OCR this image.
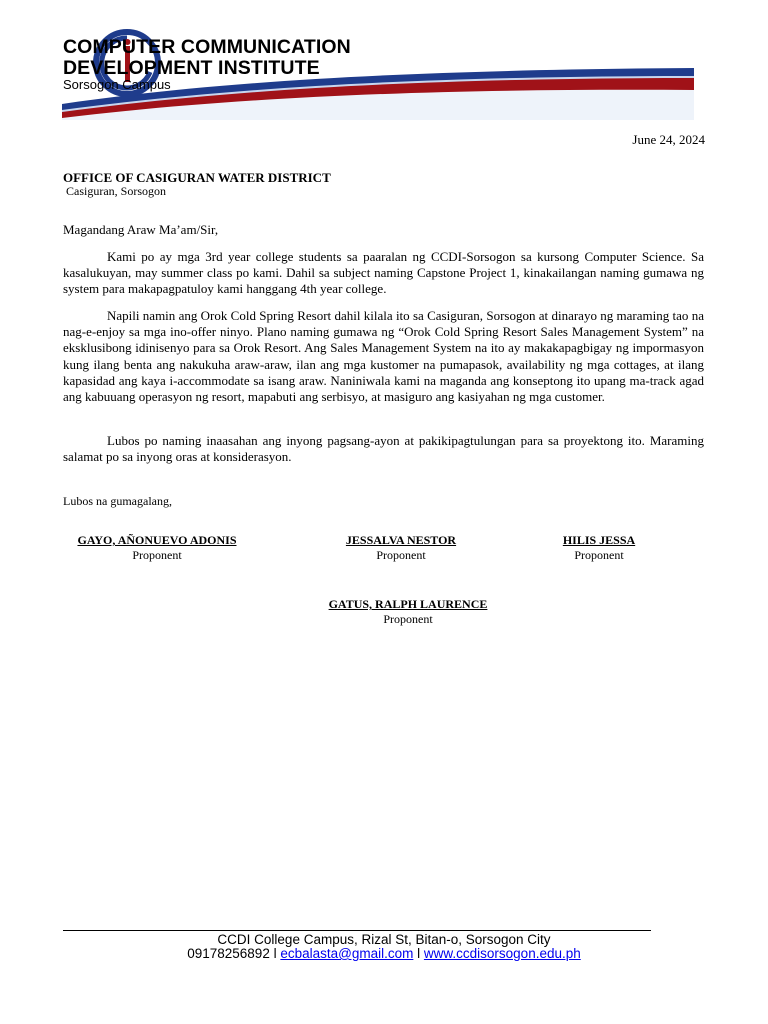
COMPUTER COMMUNICATION
DEVELOPMENT INSTITUTE
Sorsogon Campus
June 24, 2024
OFFICE OF CASIGURAN WATER DISTRICT
Casiguran, Sorsogon
Magandang Araw Ma’am/Sir,

Kami po ay mga 3rd year college students sa paaralan ng CCDI-Sorsogon sa kursong Computer Science. Sa kasalukuyan, may summer class po kami. Dahil sa subject naming Capstone Project 1, kinakailangan naming gumawa ng system para makapagpatuloy kami hanggang 4th year college.

Napili namin ang Orok Cold Spring Resort dahil kilala ito sa Casiguran, Sorsogon at dinarayo ng maraming tao na nag-e-enjoy sa mga ino-offer ninyo. Plano naming gumawa ng “Orok Cold Spring Resort Sales Management System” na eksklusibong idinisenyo para sa Orok Resort. Ang Sales Management System na ito ay makakapagbigay ng impormasyon kung ilang benta ang nakukuha araw-araw, ilan ang mga kustomer na pumapasok, availability ng mga cottages, at ilang kapasidad ang kaya i-accommodate sa isang araw. Naniniwala kami na maganda ang konseptong ito upang ma-track agad ang kabuuang operasyon ng resort, mapabuti ang serbisyo, at masiguro ang kasiyahan ng mga customer.

Lubos po naming inaasahan ang inyong pagsang-ayon at pakikipagtulungan para sa proyektong ito. Maraming salamat po sa inyong oras at konsiderasyon.

Lubos na gumagalang,
GAYO, AÑONUEVO ADONIS
Proponent
JESSALVA NESTOR
Proponent
HILIS JESSA
Proponent
GATUS, RALPH LAURENCE
Proponent
CCDI College Campus, Rizal St, Bitan-o, Sorsogon City
09178256892 l ecbalasta@gmail.com l www.ccdisorsogon.edu.ph
